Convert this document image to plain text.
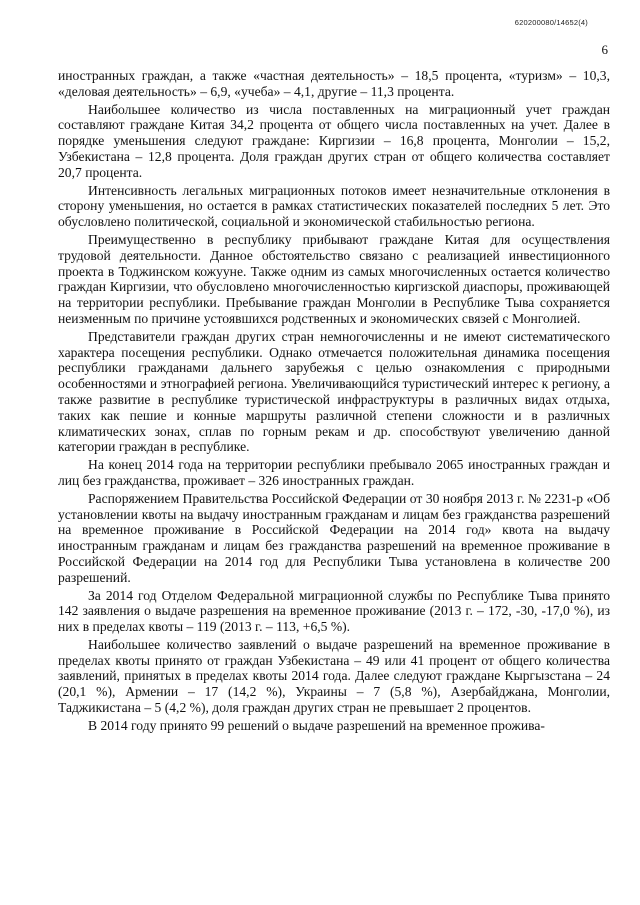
620200080/14652(4)
6

иностранных граждан, а также «частная деятельность» – 18,5 процента, «туризм» – 10,3, «деловая деятельность» – 6,9, «учеба» – 4,1, другие – 11,3 процента.

Наибольшее количество из числа поставленных на миграционный учет граждан составляют граждане Китая 34,2 процента от общего числа поставленных на учет. Далее в порядке уменьшения следуют граждане: Киргизии – 16,8 процента, Монголии – 15,2, Узбекистана – 12,8 процента. Доля граждан других стран от общего количества составляет 20,7 процента.

Интенсивность легальных миграционных потоков имеет незначительные отклонения в сторону уменьшения, но остается в рамках статистических показателей последних 5 лет. Это обусловлено политической, социальной и экономической стабильностью региона.

Преимущественно в республику прибывают граждане Китая для осуществления трудовой деятельности. Данное обстоятельство связано с реализацией инвестиционного проекта в Тоджинском кожууне. Также одним из самых многочисленных остается количество граждан Киргизии, что обусловлено многочисленностью киргизской диаспоры, проживающей на территории республики. Пребывание граждан Монголии в Республике Тыва сохраняется неизменным по причине устоявшихся родственных и экономических связей с Монголией.

Представители граждан других стран немногочисленны и не имеют систематического характера посещения республики. Однако отмечается положительная динамика посещения республики гражданами дальнего зарубежья с целью ознакомления с природными особенностями и этнографией региона. Увеличивающийся туристический интерес к региону, а также развитие в республике туристической инфраструктуры в различных видах отдыха, таких как пешие и конные маршруты различной степени сложности и в различных климатических зонах, сплав по горным рекам и др. способствуют увеличению данной категории граждан в республике.

На конец 2014 года на территории республики пребывало 2065 иностранных граждан и лиц без гражданства, проживает – 326 иностранных граждан.

Распоряжением Правительства Российской Федерации от 30 ноября 2013 г. № 2231-р «Об установлении квоты на выдачу иностранным гражданам и лицам без гражданства разрешений на временное проживание в Российской Федерации на 2014 год» квота на выдачу иностранным гражданам и лицам без гражданства разрешений на временное проживание в Российской Федерации на 2014 год для Республики Тыва установлена в количестве 200 разрешений.

За 2014 год Отделом Федеральной миграционной службы по Республике Тыва принято 142 заявления о выдаче разрешения на временное проживание (2013 г. – 172, -30, -17,0 %), из них в пределах квоты – 119 (2013 г. – 113, +6,5 %).

Наибольшее количество заявлений о выдаче разрешений на временное проживание в пределах квоты принято от граждан Узбекистана – 49 или 41 процент от общего количества заявлений, принятых в пределах квоты 2014 года. Далее следуют граждане Кыргызстана – 24 (20,1 %), Армении – 17 (14,2 %), Украины – 7 (5,8 %), Азербайджана, Монголии, Таджикистана – 5 (4,2 %), доля граждан других стран не превышает 2 процентов.

В 2014 году принято 99 решений о выдаче разрешений на временное прожива-
